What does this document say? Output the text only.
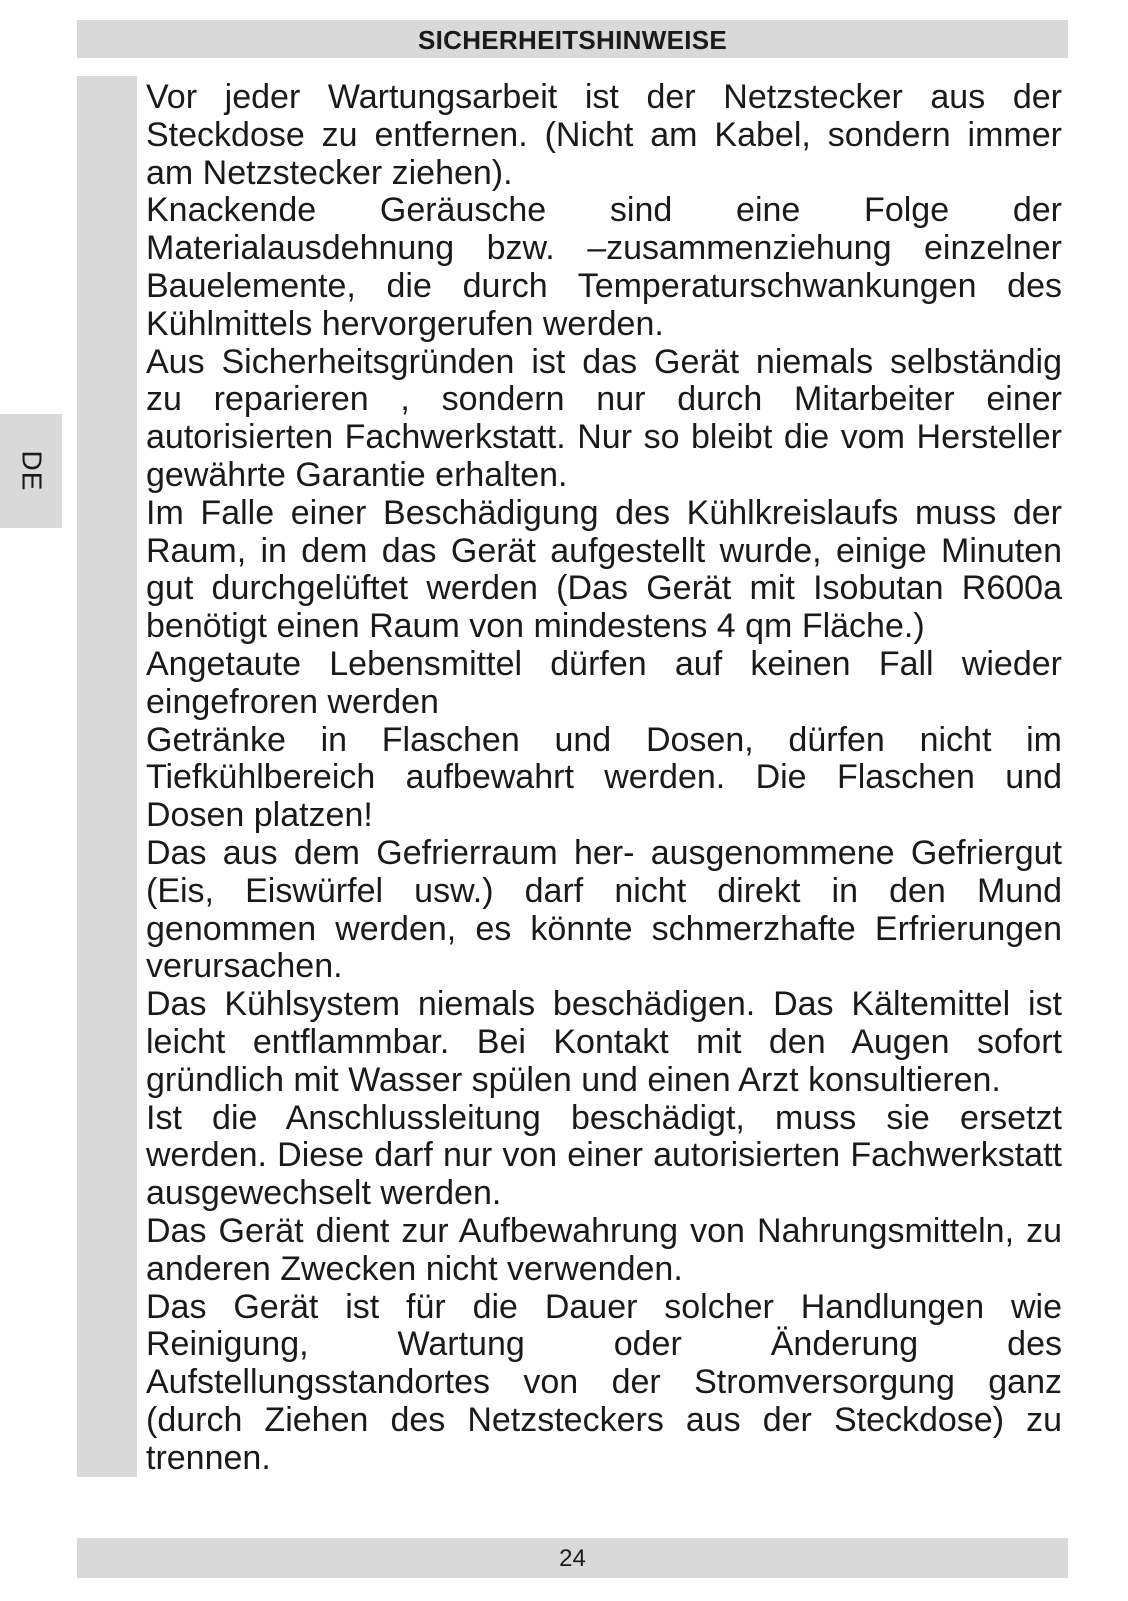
SICHERHEITSHINWEISE
DE

Vor jeder Wartungsarbeit ist der Netzstecker aus der Steckdose zu entfernen. (Nicht am Kabel, sondern immer am Netzstecker ziehen).

Knackende Geräusche sind eine Folge der Materialausdehnung bzw. –zusammenziehung einzelner Bauelemente, die durch Temperaturschwankungen des Kühlmittels hervorgerufen werden.

Aus Sicherheitsgründen ist das Gerät niemals selbständig zu reparieren , sondern nur durch Mitarbeiter einer autorisierten Fachwerkstatt. Nur so bleibt die vom Hersteller gewährte Garantie erhalten.

Im Falle einer Beschädigung des Kühlkreislaufs muss der Raum, in dem das Gerät aufgestellt wurde, einige Minuten gut durchgelüftet werden (Das Gerät mit Isobutan R600a benötigt einen Raum von mindestens 4 qm Fläche.)

Angetaute Lebensmittel dürfen auf keinen Fall wieder eingefroren werden

Getränke in Flaschen und Dosen, dürfen nicht im Tiefkühlbereich aufbewahrt werden. Die Flaschen und Dosen platzen!

Das aus dem Gefrierraum her- ausgenommene Gefriergut (Eis, Eiswürfel usw.) darf nicht direkt in den Mund genommen werden, es könnte schmerzhafte Erfrierungen verursachen.

Das Kühlsystem niemals beschädigen. Das Kältemittel ist leicht entflammbar. Bei Kontakt mit den Augen sofort gründlich mit Wasser spülen und einen Arzt konsultieren.

Ist die Anschlussleitung beschädigt, muss sie ersetzt werden. Diese darf nur von einer autorisierten Fachwerkstatt ausgewechselt werden.

Das Gerät dient zur Aufbewahrung von Nahrungsmitteln, zu anderen Zwecken nicht verwenden.

Das Gerät ist für die Dauer solcher Handlungen wie Reinigung, Wartung oder Änderung des Aufstellungsstandortes von der Stromversorgung ganz (durch Ziehen des Netzsteckers aus der Steckdose) zu trennen.

24
